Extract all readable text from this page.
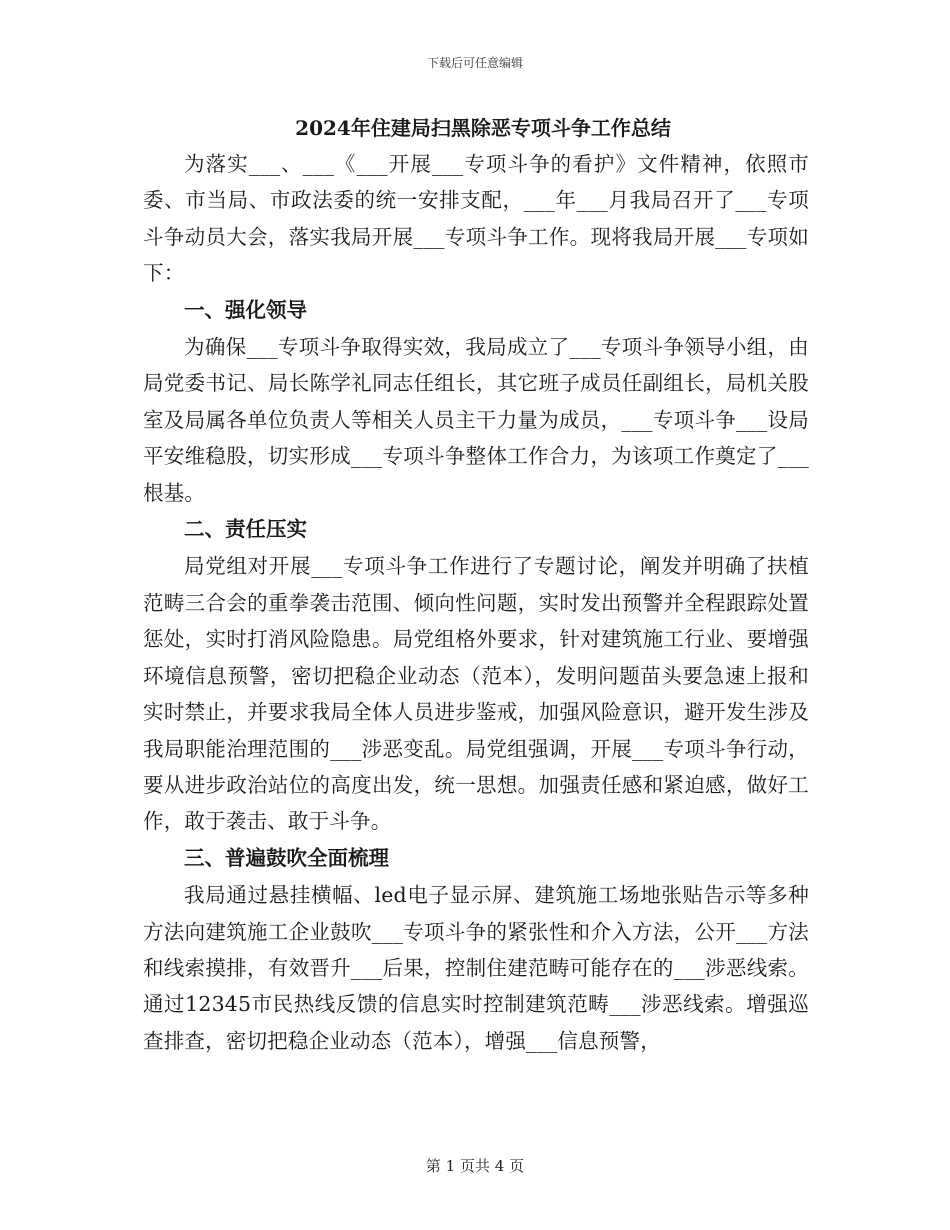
下载后可任意编辑
2024年住建局扫黑除恶专项斗争工作总结

为落实___、___《___开展___专项斗争的看护》文件精神，依照市委、市当局、市政法委的统一安排支配，___年___月我局召开了___专项斗争动员大会，落实我局开展___专项斗争工作。现将我局开展___专项如下：

一、强化领导

为确保___专项斗争取得实效，我局成立了___专项斗争领导小组，由局党委书记、局长陈学礼同志任组长，其它班子成员任副组长，局机关股室及局属各单位负责人等相关人员主干力量为成员，___专项斗争___设局平安维稳股，切实形成___专项斗争整体工作合力，为该项工作奠定了___根基。

二、责任压实

局党组对开展___专项斗争工作进行了专题讨论，阐发并明确了扶植范畴三合会的重拳袭击范围、倾向性问题，实时发出预警并全程跟踪处置惩处，实时打消风险隐患。局党组格外要求，针对建筑施工行业、要增强环境信息预警，密切把稳企业动态（范本），发明问题苗头要急速上报和实时禁止，并要求我局全体人员进步鉴戒，加强风险意识，避开发生涉及我局职能治理范围的___涉恶变乱。局党组强调，开展___专项斗争行动，要从进步政治站位的高度出发，统一思想。加强责任感和紧迫感，做好工作，敢于袭击、敢于斗争。

三、普遍鼓吹全面梳理

我局通过悬挂横幅、led电子显示屏、建筑施工场地张贴告示等多种方法向建筑施工企业鼓吹___专项斗争的紧张性和介入方法，公开___方法和线索摸排，有效晋升___后果，控制住建范畴可能存在的___涉恶线索。通过12345市民热线反馈的信息实时控制建筑范畴___涉恶线索。增强巡查排查，密切把稳企业动态（范本），增强___信息预警，

第 1 页共 4 页
